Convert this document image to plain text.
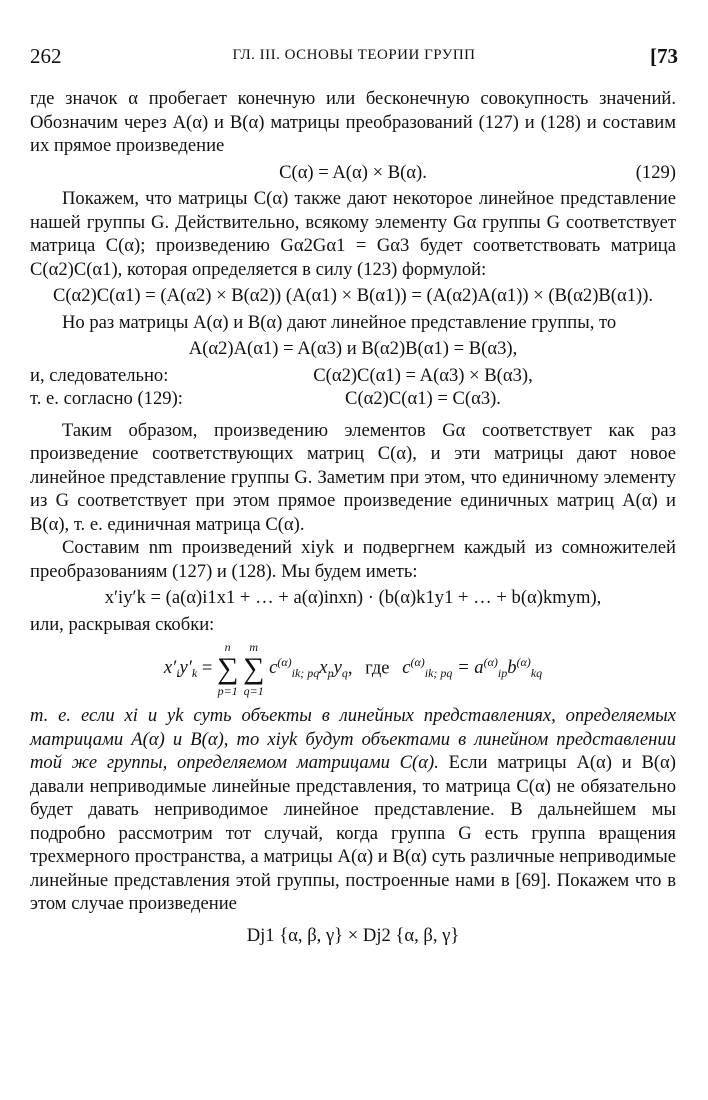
262	ГЛ. III. ОСНОВЫ ТЕОРИИ ГРУПП	[73

где значок α пробегает конечную или бесконечную совокупность значений. Обозначим через A(α) и B(α) матрицы преобразований (127) и (128) и составим их прямое произведение

C(α) = A(α) × B(α).	(129)

Покажем, что матрицы C(α) также дают некоторое линейное представление нашей группы G. Действительно, всякому элементу Gα группы G соответствует матрица C(α); произведению Gα2Gα1 = Gα3 будет соответствовать матрица C(α2)C(α1), которая определяется в силу (123) формулой:

C(α2)C(α1) = (A(α2) × B(α2)) (A(α1) × B(α1)) = (A(α2)A(α1)) × (B(α2)B(α1)).

Но раз матрицы A(α) и B(α) дают линейное представление группы, то

A(α2)A(α1) = A(α3) и B(α2)B(α1) = B(α3),
и, следовательно:	C(α2)C(α1) = A(α3) × B(α3),
т. е. согласно (129):	C(α2)C(α1) = C(α3).

Таким образом, произведению элементов Gα соответствует как раз произведение соответствующих матриц C(α), и эти матрицы дают новое линейное представление группы G. Заметим при этом, что единичному элементу из G соответствует при этом прямое произведение единичных матриц A(α) и B(α), т. е. единичная матрица C(α).

Составим nm произведений xiyk и подвергнем каждый из сомножителей преобразованиям (127) и (128). Мы будем иметь:

x′iy′k = (a(α)i1x1 + … + a(α)inxn) · (b(α)k1y1 + … + b(α)kmym),

или, раскрывая скобки:

$x'_iy'_k$ =
n
∑
p=1

m
∑
q=1
$c^{(\alpha)}_{ik; pq}x_py_q$, где $c^{(\alpha)}_{ik; pq} = a^{(\alpha)}_{ip}b^{(\alpha)}_{kq}$

т. е. если xi и yk суть объекты в линейных представлениях, определяемых матрицами A(α) и B(α), то xiyk будут объектами в линейном представлении той же группы, определяемом матрицами C(α). Если матрицы A(α) и B(α) давали неприводимые линейные представления, то матрица C(α) не обязательно будет давать неприводимое линейное представление. В дальнейшем мы подробно рассмотрим тот случай, когда группа G есть группа вращения трехмерного пространства, а матрицы A(α) и B(α) суть различные неприводимые линейные представления этой группы, построенные нами в [69]. Покажем что в этом случае произведение

Dj1 {α, β, γ} × Dj2 {α, β, γ}
